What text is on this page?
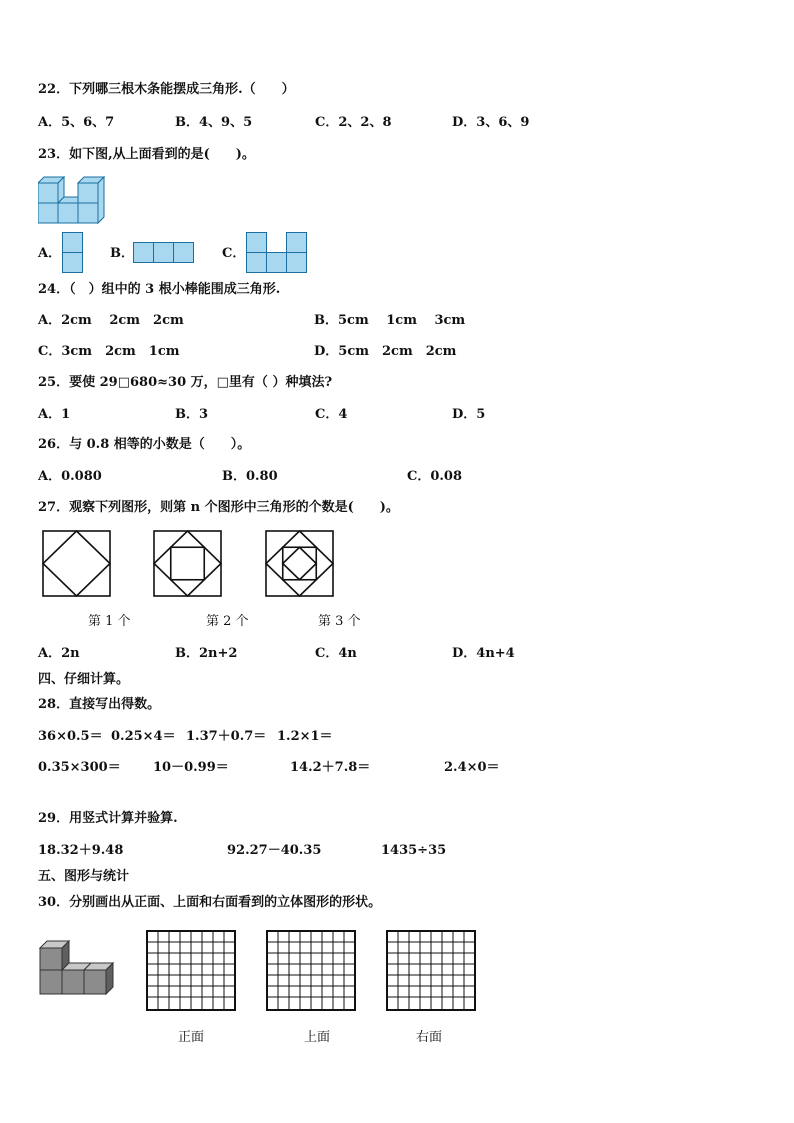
22．下列哪三根木条能摆成三角形.（　　）
A．5、6、7	B．4、9、5	C．2、2、8	D．3、6、9
23．如下图,从上面看到的是(　　)。
A．	B．	C．
24．（　）组中的 3 根小棒能围成三角形.
A．2cm　 2cm　2cm	B．5cm　 1cm　 3cm
C．3cm　2cm　1cm	D．5cm　2cm　2cm
25．要使 29□680≈30 万，□里有（ ）种填法?
A．1	B．3	C．4	D．5
26．与 0.8 相等的小数是（　　）。
A．0.080	B．0.80	C．0.08
27．观察下列图形，则第 n 个图形中三角形的个数是(　　)。
第 1 个	第 2 个	第 3 个
A．2n	B．2n+2	C．4n	D．4n+4
四、仔细计算。
28．直接写出得数。
36×0.5＝ 0.25×4＝ 1.37＋0.7＝ 1.2×1＝
0.35×300＝ 10－0.99＝	14.2＋7.8＝	2.4×0＝
29．用竖式计算并验算.
18.32＋9.48	92.27－40.35	1435÷35
五、图形与统计
30．分别画出从正面、上面和右面看到的立体图形的形状。
正面	上面	右面
